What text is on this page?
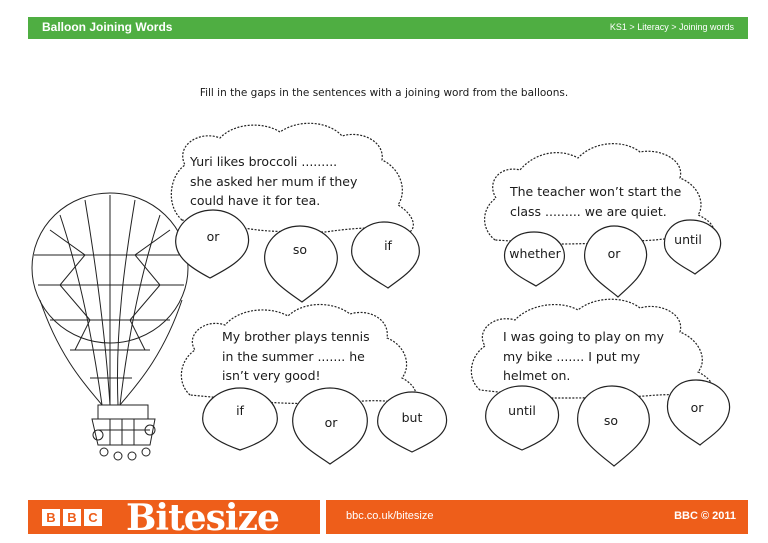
Balloon Joining Words	KS1 > Literacy > Joining words
Fill in the gaps in the sentences with a joining word from the balloons.
Yuri likes broccoli .........
she asked her mum if they
could have it for tea.
or
so	if
The teacher won’t start the
class ......... we are quiet.
whether	or
until
My brother plays tennis
in the summer ....... he
isn’t very good!
if
or	but
I was going to play on my
my bike ....... I put my
helmet on.
until
so
or
B B C Bitesize	bbc.co.uk/bitesize	BBC © 2011
